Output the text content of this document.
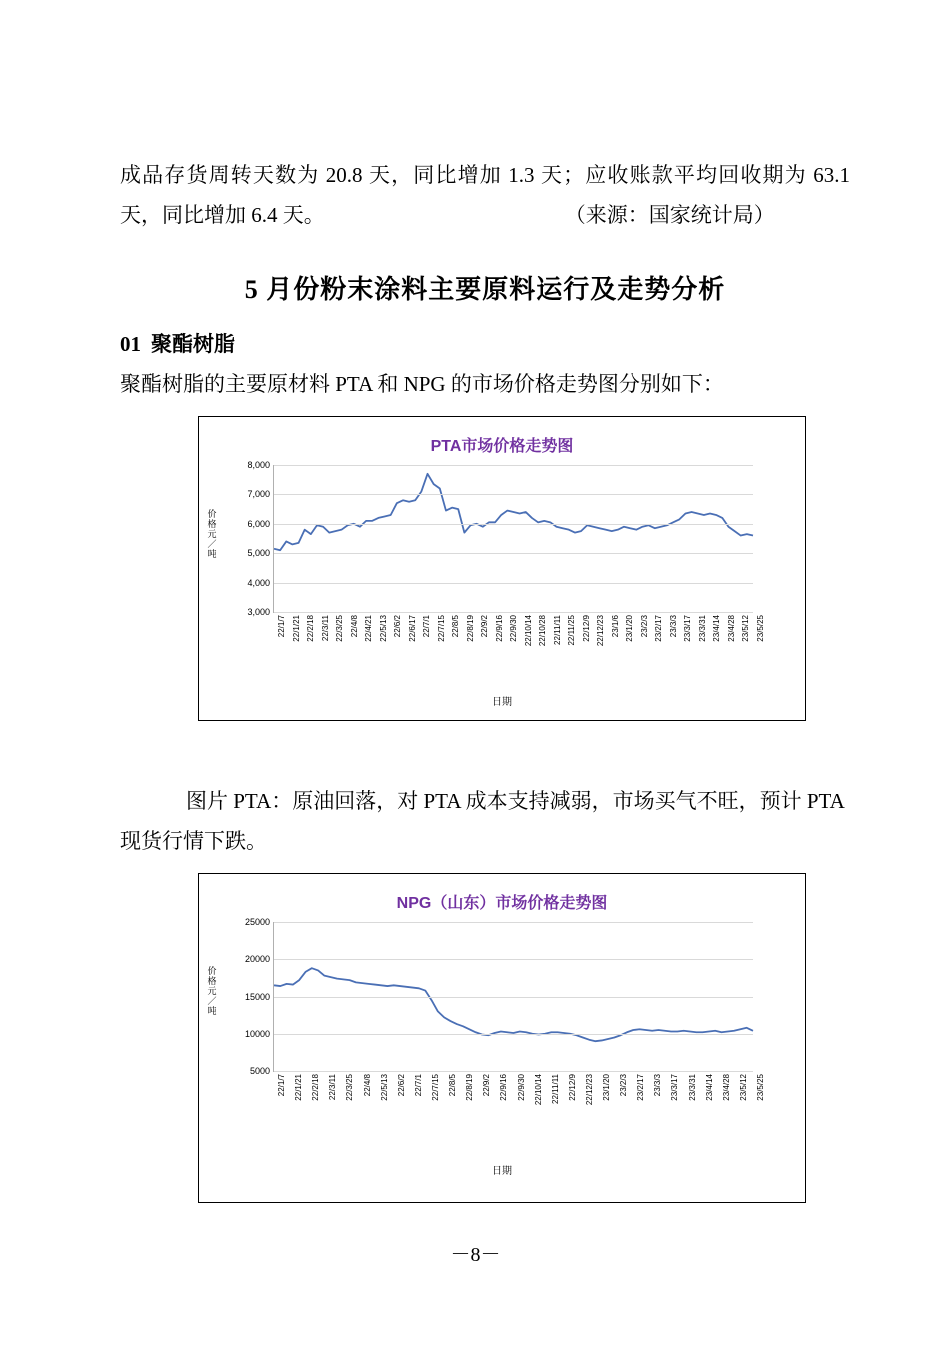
成品存货周转天数为 20.8 天，同比增加 1.3 天；应收账款平均回收期为 63.1 天，同比增加 6.4 天。	（来源：国家统计局）

5 月份粉末涂料主要原料运行及走势分析
01 聚酯树脂

聚酯树脂的主要原材料 PTA 和 NPG 的市场价格走势图分别如下：

PTA市场价格走势图
价
格
元
／
吨
3,000
4,000
5,000
6,000
7,000
8,000
22/1/7 22/1/21 22/2/18 22/3/11 22/3/25 22/4/8 22/4/21 22/5/13 22/6/2 22/6/17 22/7/1 22/7/15 22/8/5 22/8/19 22/9/2 22/9/16 22/9/30 22/10/14 22/10/28 22/11/11 22/11/25 22/12/9 22/12/23 23/1/6 23/1/20 23/2/3 23/2/17 23/3/3 23/3/17 23/3/31 23/4/14 23/4/28 23/5/12 23/5/25
日期

图片 PTA：原油回落，对 PTA 成本支持减弱，市场买气不旺，预计 PTA 现货行情下跌。

NPG（山东）市场价格走势图
价
格
元
／
吨
5000
10000
15000
20000
25000
22/1/7 22/1/21 22/2/18 22/3/11 22/3/25 22/4/8 22/5/13 22/6/2 22/7/1 22/7/15 22/8/5 22/8/19 22/9/2 22/9/16 22/9/30 22/10/14 22/11/11 22/12/9 22/12/23 23/1/20 23/2/3 23/2/17 23/3/3 23/3/17 23/3/31 23/4/14 23/4/28 23/5/12 23/5/25
日期
－8－
